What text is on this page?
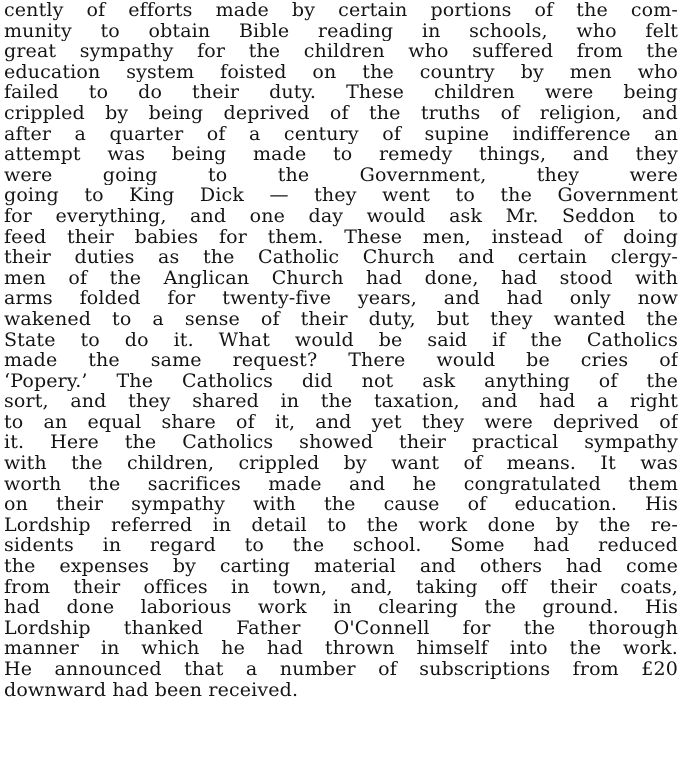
cently of efforts made by certain portions of the com-
munity to obtain Bible reading in schools, who felt
great sympathy for the children who suffered from the
education system foisted on the country by men who
failed to do their duty. These children were being
crippled by being deprived of the truths of religion, and
after a quarter of a century of supine indifference an
attempt was being made to remedy things, and they
were going to the Government, they were
going to King Dick — they went to the Government
for everything, and one day would ask Mr. Seddon to
feed their babies for them. These men, instead of doing
their duties as the Catholic Church and certain clergy-
men of the Anglican Church had done, had stood with
arms folded for twenty-five years, and had only now
wakened to a sense of their duty, but they wanted the
State to do it. What would be said if the Catholics
made the same request? There would be cries of
‘Popery.’ The Catholics did not ask anything of the
sort, and they shared in the taxation, and had a right
to an equal share of it, and yet they were deprived of
it. Here the Catholics showed their practical sympathy
with the children, crippled by want of means. It was
worth the sacrifices made and he congratulated them
on their sympathy with the cause of education. His
Lordship referred in detail to the work done by the re-
sidents in regard to the school. Some had reduced
the expenses by carting material and others had come
from their offices in town, and, taking off their coats,
had done laborious work in clearing the ground. His
Lordship thanked Father O'Connell for the thorough
manner in which he had thrown himself into the work.
He announced that a number of subscriptions from £20
downward had been received.
